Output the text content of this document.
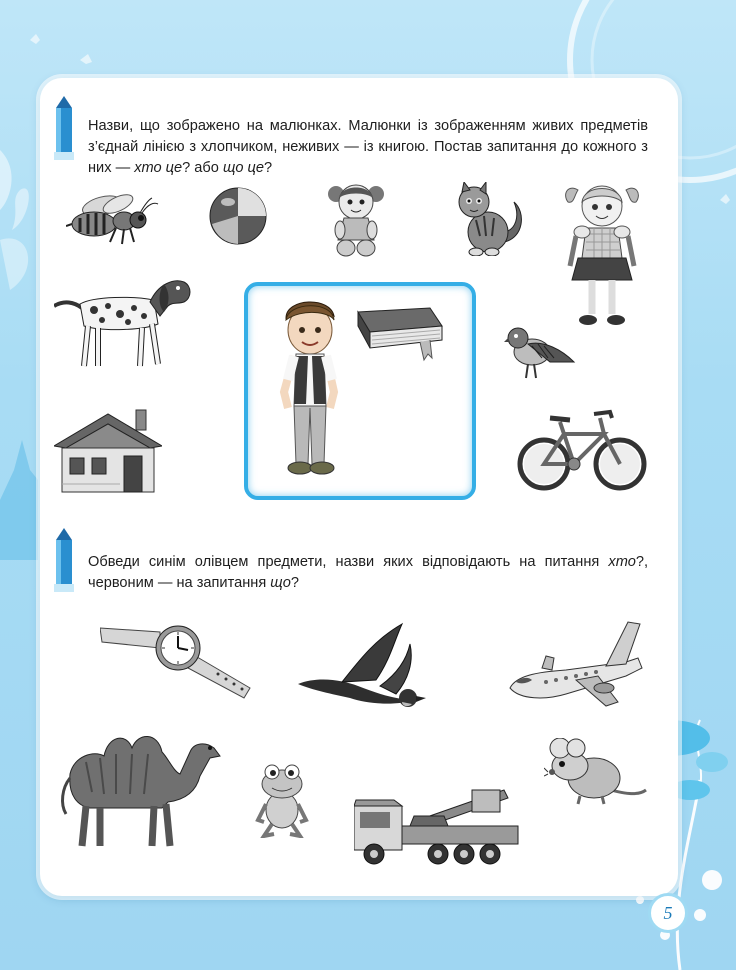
Назви, що зображено на малюнках. Малюнки із зображенням живих предметів з’єднай лінією з хлопчиком, неживих — із книгою. Постав запитання до кожного з них — хто це? або що це?

Обведи синім олівцем предмети, назви яких відповідають на питання хто?, червоним — на запитання що?

5
